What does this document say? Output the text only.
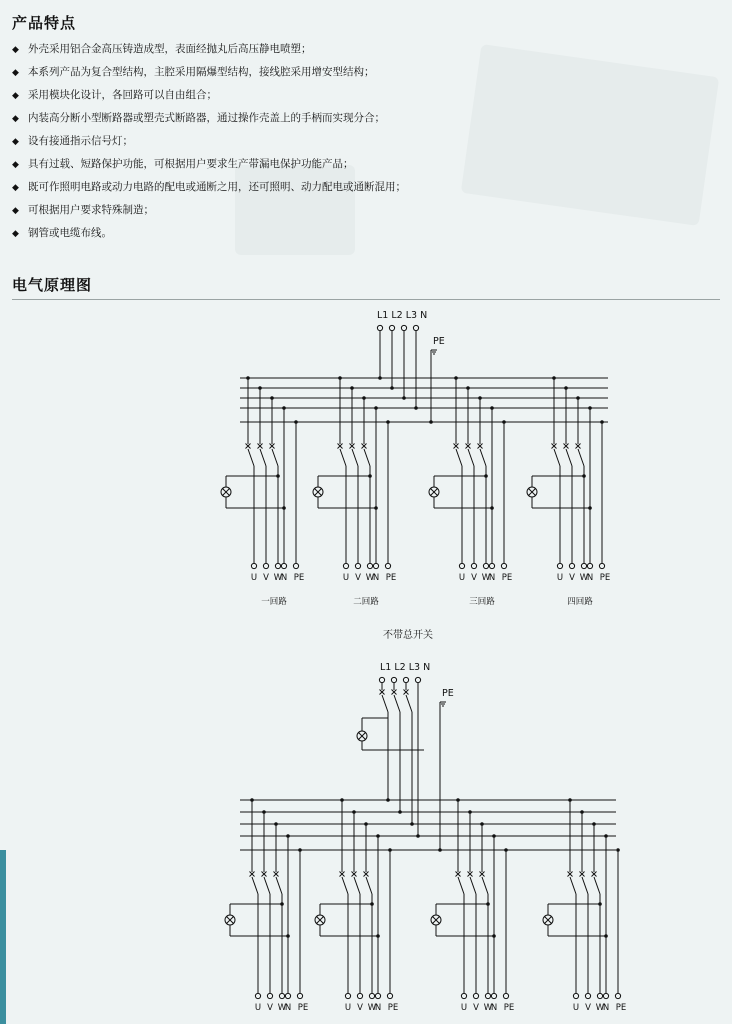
产品特点
◆ 外壳采用铝合金高压铸造成型，表面经抛丸后高压静电喷塑；
◆ 本系列产品为复合型结构，主腔采用隔爆型结构，接线腔采用增安型结构；
◆ 采用模块化设计，各回路可以自由组合；
◆ 内装高分断小型断路器或塑壳式断路器，通过操作壳盖上的手柄而实现分合；
◆ 设有接通指示信号灯；
◆ 具有过载、短路保护功能，可根据用户要求生产带漏电保护功能产品；
◆ 既可作照明电路或动力电路的配电或通断之用，还可照明、动力配电或通断混用；
◆ 可根据用户要求特殊制造；
◆ 钢管或电缆布线。
电气原理图
L1 L2 L3 N
PE
U V W
N PE
一回路
U V W
N PE
二回路
U V W
N PE
三回路
U V W
N PE
四回路
不带总开关
L1 L2 L3 N
PE
U V W
N PE	U V W
N PE	U V W
N PE	U V W
N PE
